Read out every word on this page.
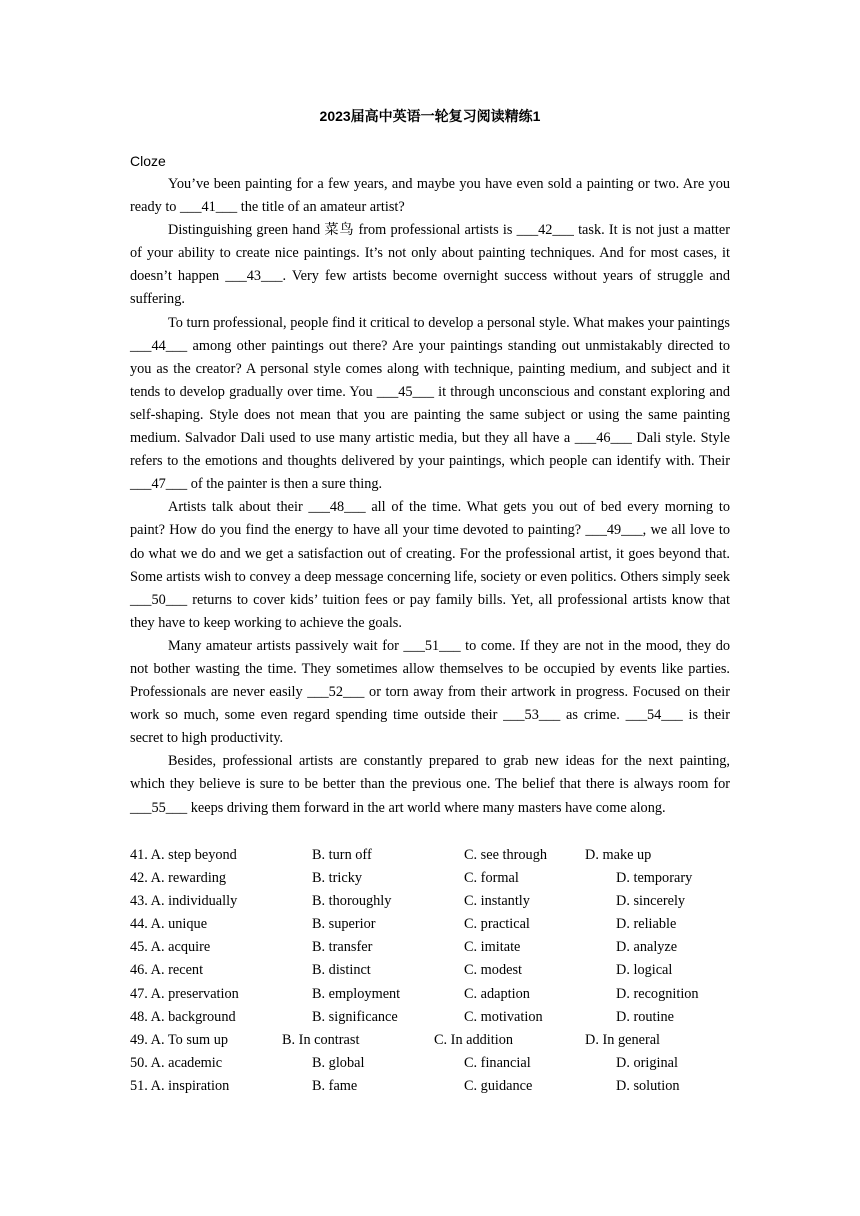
2023届高中英语一轮复习阅读精练1
Cloze

You’ve been painting for a few years, and maybe you have even sold a painting or two. Are you ready to ___41___ the title of an amateur artist?

Distinguishing green hand 菜鸟 from professional artists is ___42___ task. It is not just a matter of your ability to create nice paintings. It’s not only about painting techniques. And for most cases, it doesn’t happen ___43___. Very few artists become overnight success without years of struggle and suffering.

To turn professional, people find it critical to develop a personal style. What makes your paintings ___44___ among other paintings out there? Are your paintings standing out unmistakably directed to you as the creator? A personal style comes along with technique, painting medium, and subject and it tends to develop gradually over time. You ___45___ it through unconscious and constant exploring and self-shaping. Style does not mean that you are painting the same subject or using the same painting medium. Salvador Dali used to use many artistic media, but they all have a ___46___ Dali style. Style refers to the emotions and thoughts delivered by your paintings, which people can identify with. Their ___47___ of the painter is then a sure thing.

Artists talk about their ___48___ all of the time. What gets you out of bed every morning to paint? How do you find the energy to have all your time devoted to painting? ___49___, we all love to do what we do and we get a satisfaction out of creating. For the professional artist, it goes beyond that. Some artists wish to convey a deep message concerning life, society or even politics. Others simply seek ___50___ returns to cover kids’ tuition fees or pay family bills. Yet, all professional artists know that they have to keep working to achieve the goals.

Many amateur artists passively wait for ___51___ to come. If they are not in the mood, they do not bother wasting the time. They sometimes allow themselves to be occupied by events like parties. Professionals are never easily ___52___ or torn away from their artwork in progress. Focused on their work so much, some even regard spending time outside their ___53___ as crime. ___54___ is their secret to high productivity.

Besides, professional artists are constantly prepared to grab new ideas for the next painting, which they believe is sure to be better than the previous one. The belief that there is always room for ___55___ keeps driving them forward in the art world where many masters have come along.

41. A. step beyond	B. turn off	C. see through	D. make up
42. A. rewarding	B. tricky	C. formal	D. temporary
43. A. individually	B. thoroughly	C. instantly	D. sincerely
44. A. unique	B. superior	C. practical	D. reliable
45. A. acquire	B. transfer	C. imitate	D. analyze
46. A. recent	B. distinct	C. modest	D. logical
47. A. preservation	B. employment	C. adaption	D. recognition
48. A. background	B. significance	C. motivation	D. routine
49. A. To sum up	B. In contrast	C. In addition	D. In general
50. A. academic	B. global	C. financial	D. original
51. A. inspiration	B. fame	C. guidance	D. solution
